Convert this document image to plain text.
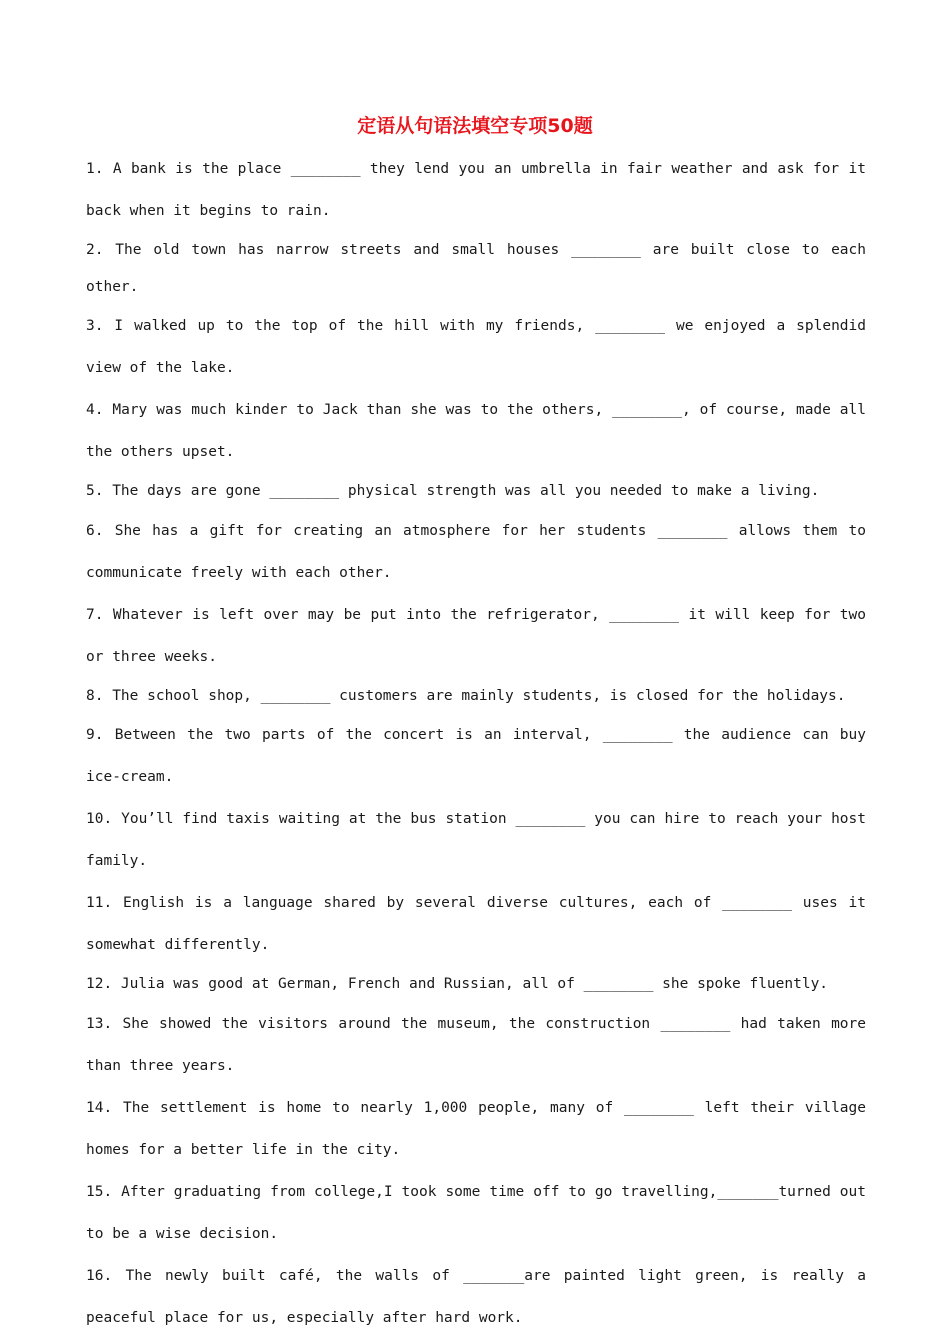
定语从句语法填空专项50题
1. A bank is the place ________ they lend you an umbrella in fair weather and ask for it back when it begins to rain.
2. The old town has narrow streets and small houses ________ are built close to each other.
3. I walked up to the top of the hill with my friends, ________ we enjoyed a splendid view of the lake.
4. Mary was much kinder to Jack than she was to the others, ________, of course, made all the others upset.
5. The days are gone ________ physical strength was all you needed to make a living.
6. She has a gift for creating an atmosphere for her students ________ allows them to communicate freely with each other.
7. Whatever is left over may be put into the refrigerator, ________ it will keep for two or three weeks.
8. The school shop, ________ customers are mainly students, is closed for the holidays.
9. Between the two parts of the concert is an interval, ________ the audience can buy ice-cream.
10. You’ll find taxis waiting at the bus station ________ you can hire to reach your host family.
11. English is a language shared by several diverse cultures, each of ________ uses it somewhat differently.
12. Julia was good at German, French and Russian, all of ________ she spoke fluently.
13. She showed the visitors around the museum, the construction ________ had taken more than three years.
14. The settlement is home to nearly 1,000 people, many of ________ left their village homes for a better life in the city.
15. After graduating from college,I took some time off to go travelling,_______turned out to be a wise decision.
16. The newly built café, the walls of _______are painted light green, is really a peaceful place for us, especially after hard work.
